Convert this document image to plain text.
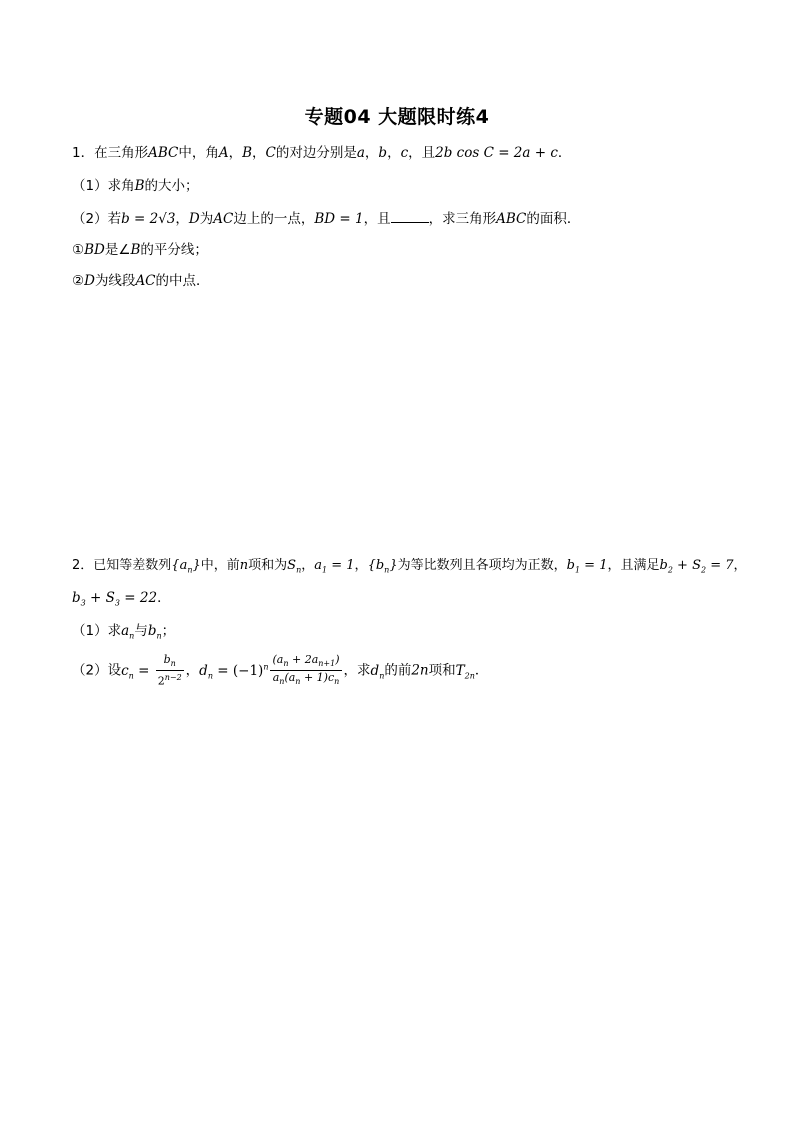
专题04 大题限时练4
1．在三角形ABC中，角A，B，C的对边分别是a，b，c，且2b cos C = 2a + c．
（1）求角B的大小；
（2）若b = 2√3，D为AC边上的一点，BD = 1，且	，求三角形ABC的面积．
①BD是∠B的平分线；
②D为线段AC的中点．
2．已知等差数列$\{a_n\}$中，前n项和为$S_n$，$a_1 = 1$，$\{b_n\}$为等比数列且各项均为正数，$b_1 = 1$，且满足$b_2 + S_2 = 7$，
$b_3 + S_3 = 22$．
（1）求$a_n$与$b_n$；
（2）设$c_n = \frac{b_n}{2^{n-2}}$ ，$d_n = (-1)^n \frac{(a_n + 2a_{n+1})}{a_n(a_n + 1)c_n}$ ，求$d_n$的前2n项和$T_{2n}$．
